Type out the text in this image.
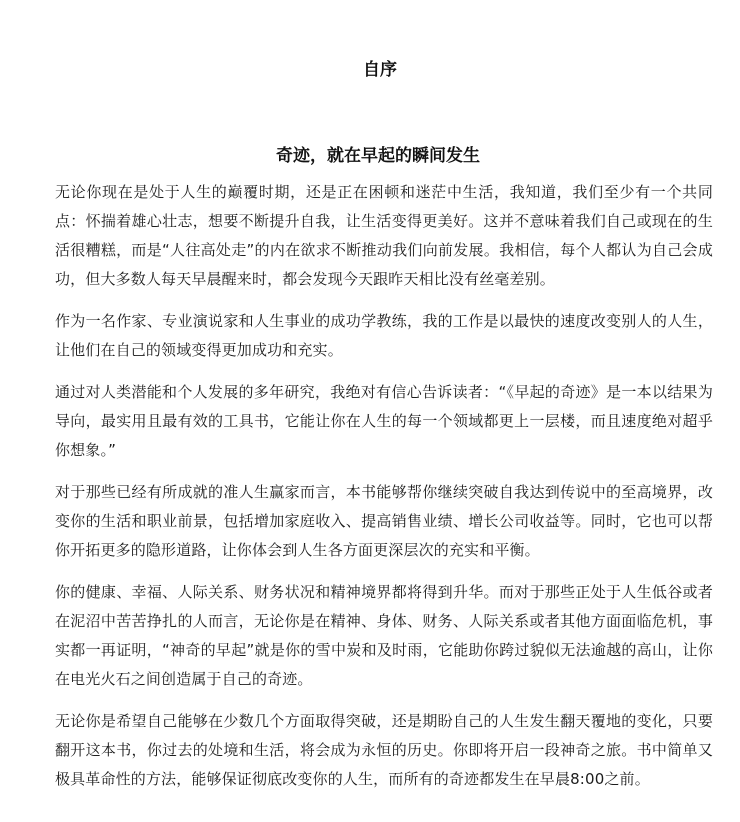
自序
奇迹，就在早起的瞬间发生

无论你现在是处于人生的巅覆时期，还是正在困顿和迷茫中生活，我知道，我们至少有一个共同点：怀揣着雄心壮志，想要不断提升自我，让生活变得更美好。这并不意味着我们自己或现在的生活很糟糕，而是“人往高处走”的内在欲求不断推动我们向前发展。我相信，每个人都认为自己会成功，但大多数人每天早晨醒来时，都会发现今天跟昨天相比没有丝毫差别。

作为一名作家、专业演说家和人生事业的成功学教练，我的工作是以最快的速度改变别人的人生，让他们在自己的领域变得更加成功和充实。

通过对人类潜能和个人发展的多年研究，我绝对有信心告诉读者：“《早起的奇迹》是一本以结果为导向，最实用且最有效的工具书，它能让你在人生的每一个领域都更上一层楼，而且速度绝对超乎你想象。”

对于那些已经有所成就的准人生赢家而言，本书能够帮你继续突破自我达到传说中的至高境界，改变你的生活和职业前景，包括增加家庭收入、提高销售业绩、增长公司收益等。同时，它也可以帮你开拓更多的隐形道路，让你体会到人生各方面更深层次的充实和平衡。

你的健康、幸福、人际关系、财务状况和精神境界都将得到升华。而对于那些正处于人生低谷或者在泥沼中苦苦挣扎的人而言，无论你是在精神、身体、财务、人际关系或者其他方面面临危机，事实都一再证明，“神奇的早起”就是你的雪中炭和及时雨，它能助你跨过貌似无法逾越的高山，让你在电光火石之间创造属于自己的奇迹。

无论你是希望自己能够在少数几个方面取得突破，还是期盼自己的人生发生翻天覆地的变化，只要翻开这本书，你过去的处境和生活，将会成为永恒的历史。你即将开启一段神奇之旅。书中简单又极具革命性的方法，能够保证彻底改变你的人生，而所有的奇迹都发生在早晨8:00之前。
